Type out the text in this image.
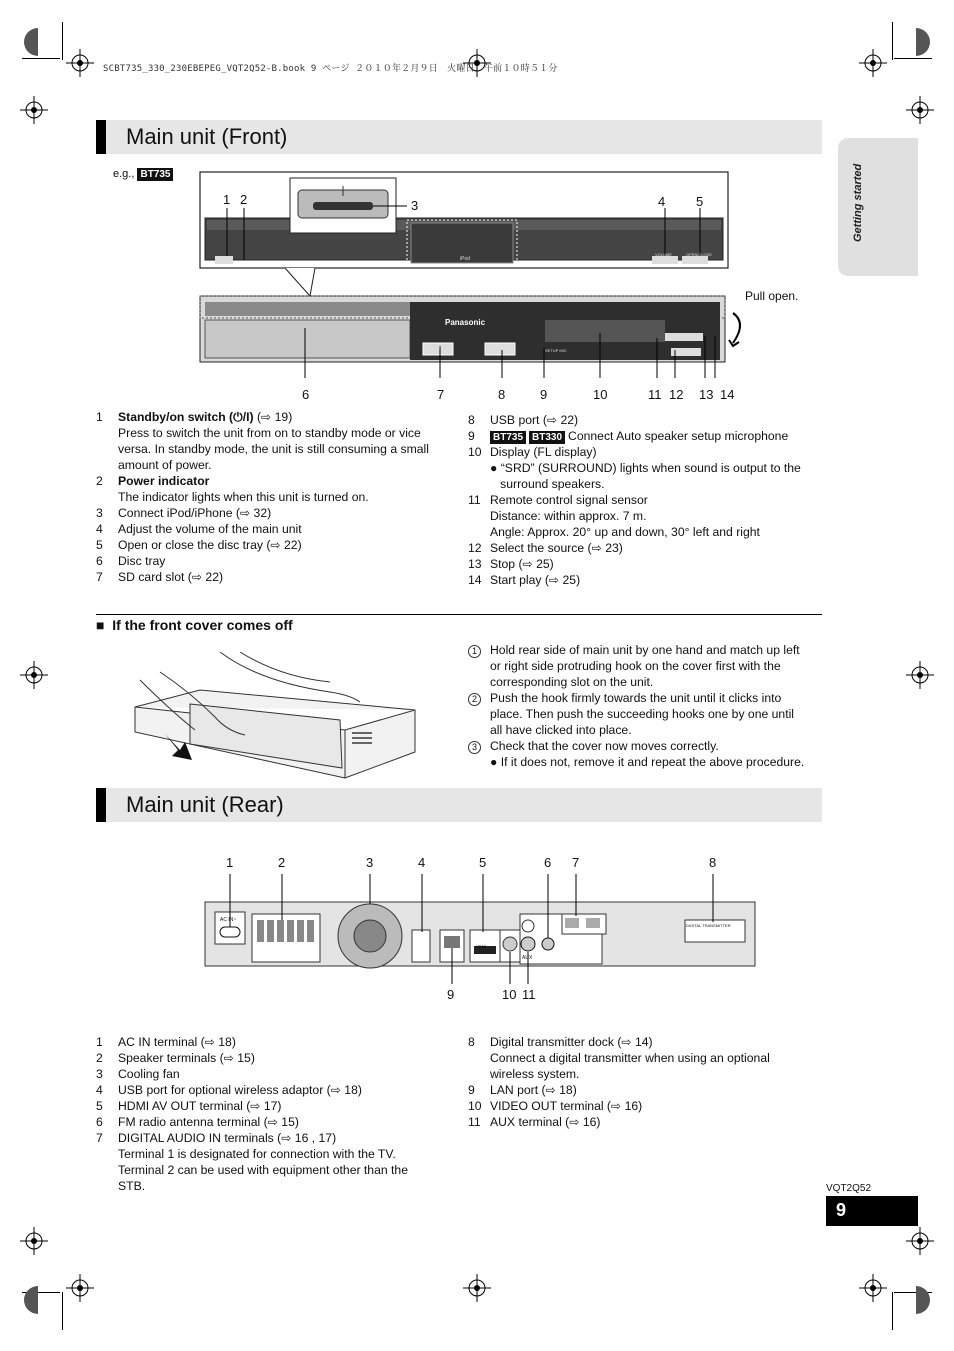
SCBT735_330_230EBEPEG_VQT2Q52-B.book 9 ページ ２０１０年２月９日　火曜日　午前１０時５１分
Getting started
Main unit (Front)
e.g., BT735
Panasonic
iPod
VOLUME	OPEN/CLOSE
SD CARD
SETUP MIC	SELECTOR
1 2	3	4 5
6	7	8	9	10	11 12 13 14
Pull open.
1	Standby/on switch (⏻/I) (⇨ 19)
Press to switch the unit from on to standby mode or vice
versa. In standby mode, the unit is still consuming a small
amount of power.
2	Power indicator
The indicator lights when this unit is turned on.
3	Connect iPod/iPhone (⇨ 32)
4	Adjust the volume of the main unit
5	Open or close the disc tray (⇨ 22)
6	Disc tray
7	SD card slot (⇨ 22)
8	USB port (⇨ 22)
9	BT735 BT330 Connect Auto speaker setup microphone
10 Display (FL display)
● “SRD” (SURROUND) lights when sound is output to the
surround speakers.
11 Remote control signal sensor
Distance: within approx. 7 m.
Angle: Approx. 20° up and down, 30° left and right
12 Select the source (⇨ 23)
13 Stop (⇨ 25)
14 Start play (⇨ 25)
■  If the front cover comes off
1	Hold rear side of main unit by one hand and match up left
or right side protruding hook on the cover first with the
corresponding slot on the unit.
2	Push the hook firmly towards the unit until it clicks into
place. Then push the succeeding hooks one by one until
all have clicked into place.
3	Check that the cover now moves correctly.
● If it does not, remove it and repeat the above procedure.
Main unit (Rear)
AC IN~
DIGITAL TRANSMITTER
HDMI
AUX
1	2	3	4	5	6 7	8
9	10 11
1	AC IN terminal (⇨ 18)
2	Speaker terminals (⇨ 15)
3	Cooling fan
4	USB port for optional wireless adaptor (⇨ 18)
5	HDMI AV OUT terminal (⇨ 17)
6	FM radio antenna terminal (⇨ 15)
7	DIGITAL AUDIO IN terminals (⇨ 16 , 17)
Terminal 1 is designated for connection with the TV.
Terminal 2 can be used with equipment other than the
STB.
8	Digital transmitter dock (⇨ 14)
Connect a digital transmitter when using an optional
wireless system.
9	LAN port (⇨ 18)
10 VIDEO OUT terminal (⇨ 16)
11 AUX terminal (⇨ 16)
VQT2Q52
9
